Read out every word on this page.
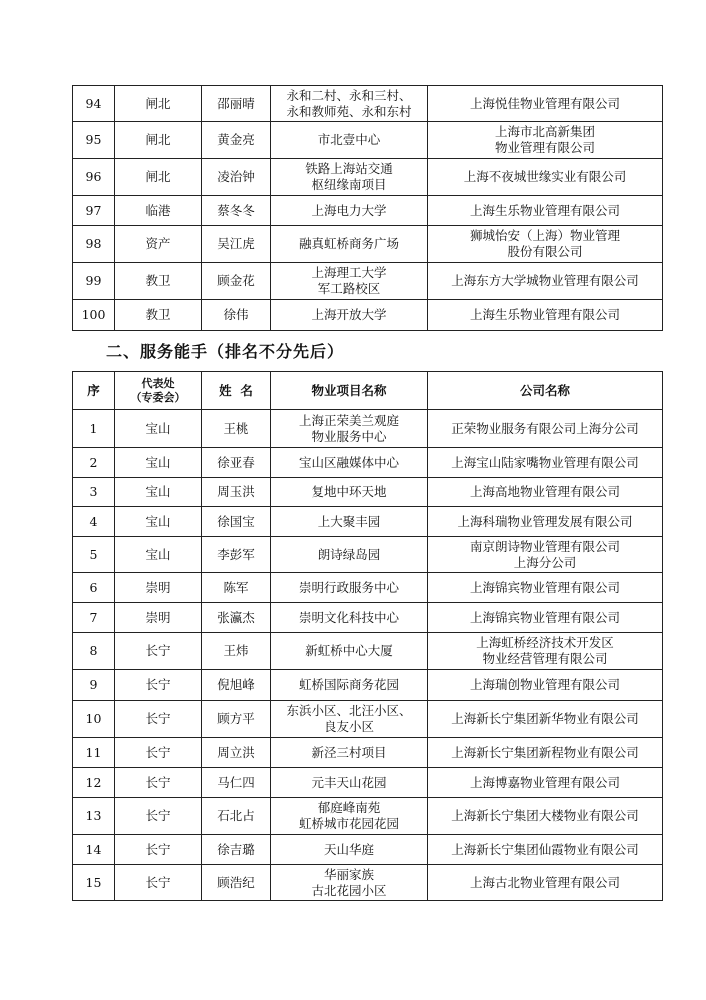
94	闸北	邵丽晴	永和二村、永和三村、
永和教师苑、永和东村	上海悦佳物业管理有限公司
95	闸北	黄金亮	市北壹中心	上海市北高新集团
物业管理有限公司
96	闸北	凌治钟	铁路上海站交通
枢纽缘南项目	上海不夜城世缘实业有限公司
97	临港	蔡冬冬	上海电力大学	上海生乐物业管理有限公司
98	资产	吴江虎	融真虹桥商务广场	狮城怡安（上海）物业管理
股份有限公司
99	教卫	顾金花	上海理工大学
军工路校区	上海东方大学城物业管理有限公司
100	教卫	徐伟	上海开放大学	上海生乐物业管理有限公司
二、服务能手（排名不分先后）
序	代表处
（专委会）	姓  名	物业项目名称	公司名称
1	宝山	王桃	上海正荣美兰观庭
物业服务中心	正荣物业服务有限公司上海分公司
2	宝山	徐亚春	宝山区融媒体中心	上海宝山陆家嘴物业管理有限公司
3	宝山	周玉洪	复地中环天地	上海高地物业管理有限公司
4	宝山	徐国宝	上大聚丰园	上海科瑞物业管理发展有限公司
5	宝山	李彭军	朗诗绿岛园	南京朗诗物业管理有限公司
上海分公司
6	崇明	陈军	崇明行政服务中心	上海锦宾物业管理有限公司
7	崇明	张瀛杰	崇明文化科技中心	上海锦宾物业管理有限公司
8	长宁	王炜	新虹桥中心大厦	上海虹桥经济技术开发区
物业经营管理有限公司
9	长宁	倪旭峰	虹桥国际商务花园	上海瑞创物业管理有限公司
10	长宁	顾方平	东浜小区、北汪小区、
良友小区	上海新长宁集团新华物业有限公司
11	长宁	周立洪	新泾三村项目	上海新长宁集团新程物业有限公司
12	长宁	马仁四	元丰天山花园	上海博嘉物业管理有限公司
13	长宁	石北占	郁庭峰南苑
虹桥城市花园花园	上海新长宁集团大楼物业有限公司
14	长宁	徐吉璐	天山华庭	上海新长宁集团仙霞物业有限公司
15	长宁	顾浩纪	华丽家族
古北花园小区	上海古北物业管理有限公司
